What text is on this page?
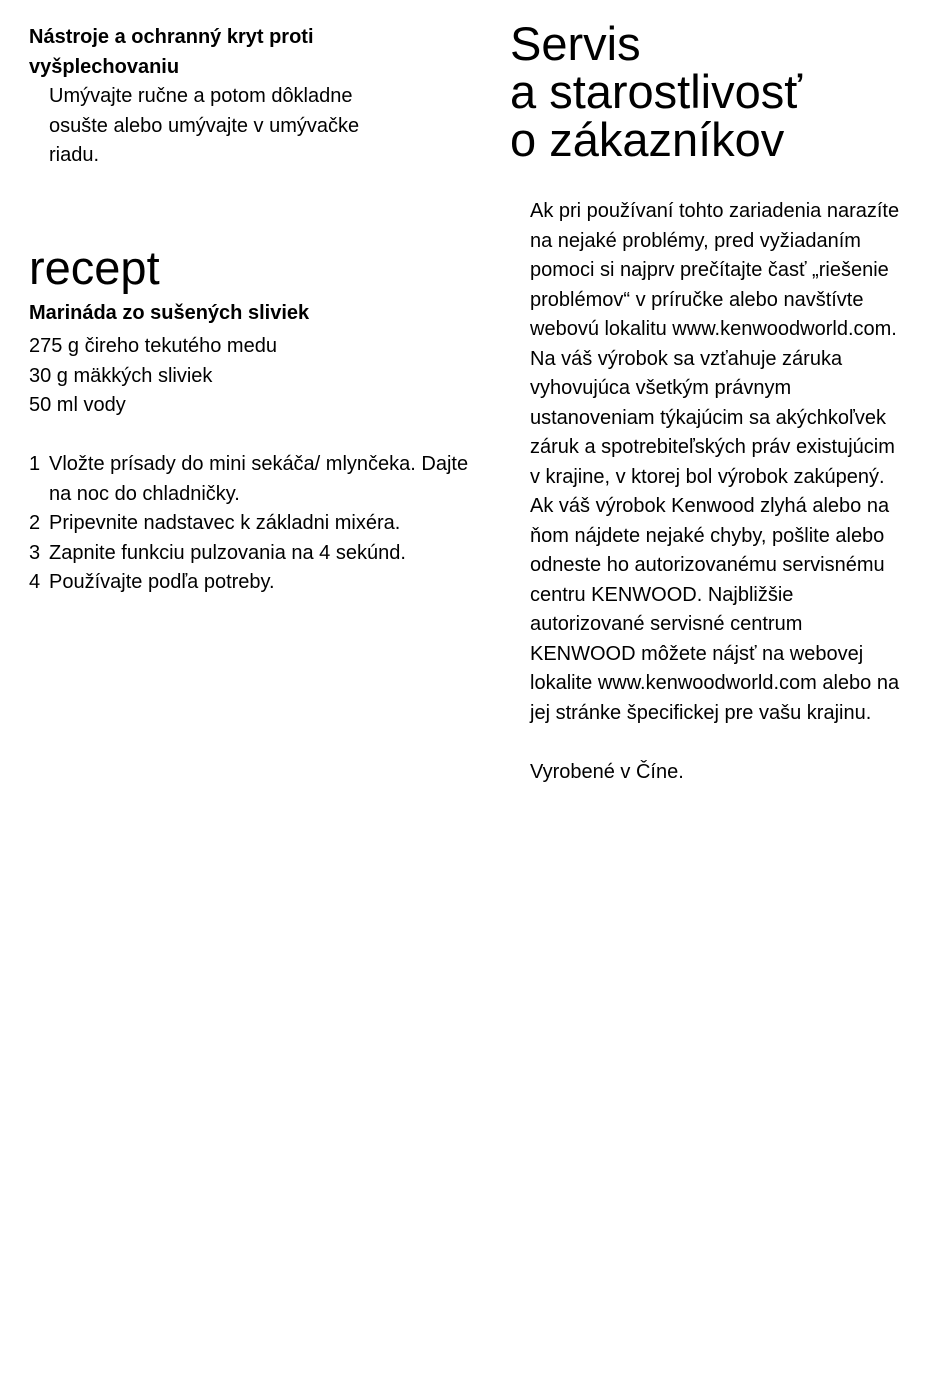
Nástroje a ochranný kryt proti vyšplechovaniu

Umývajte ručne a potom dôkladne osušte alebo umývajte v umývačke riadu.

recept

Marináda zo sušených sliviek

275 g čireho tekutého medu
30 g mäkkých sliviek
50 ml vody
1 Vložte prísady do mini sekáča/ mlynčeka. Dajte na noc do chladničky.
2 Pripevnite nadstavec k základni mixéra.
3 Zapnite funkciu pulzovania na 4 sekúnd.
4 Používajte podľa potreby.
Servis
a starostlivosť
o zákazníkov

Ak pri používaní tohto zariadenia narazíte na nejaké problémy, pred vyžiadaním pomoci si najprv prečítajte časť „riešenie problémov“ v príručke alebo navštívte webovú lokalitu www.kenwoodworld.com.

Na váš výrobok sa vzťahuje záruka vyhovujúca všetkým právnym ustanoveniam týkajúcim sa akýchkoľvek záruk a spotrebiteľských práv existujúcim v krajine, v ktorej bol výrobok zakúpený.

Ak váš výrobok Kenwood zlyhá alebo na ňom nájdete nejaké chyby, pošlite alebo odneste ho autorizovanému servisnému centru KENWOOD. Najbližšie autorizované servisné centrum KENWOOD môžete nájsť na webovej lokalite www.kenwoodworld.com alebo na jej stránke špecifickej pre vašu krajinu.

Vyrobené v Číne.
